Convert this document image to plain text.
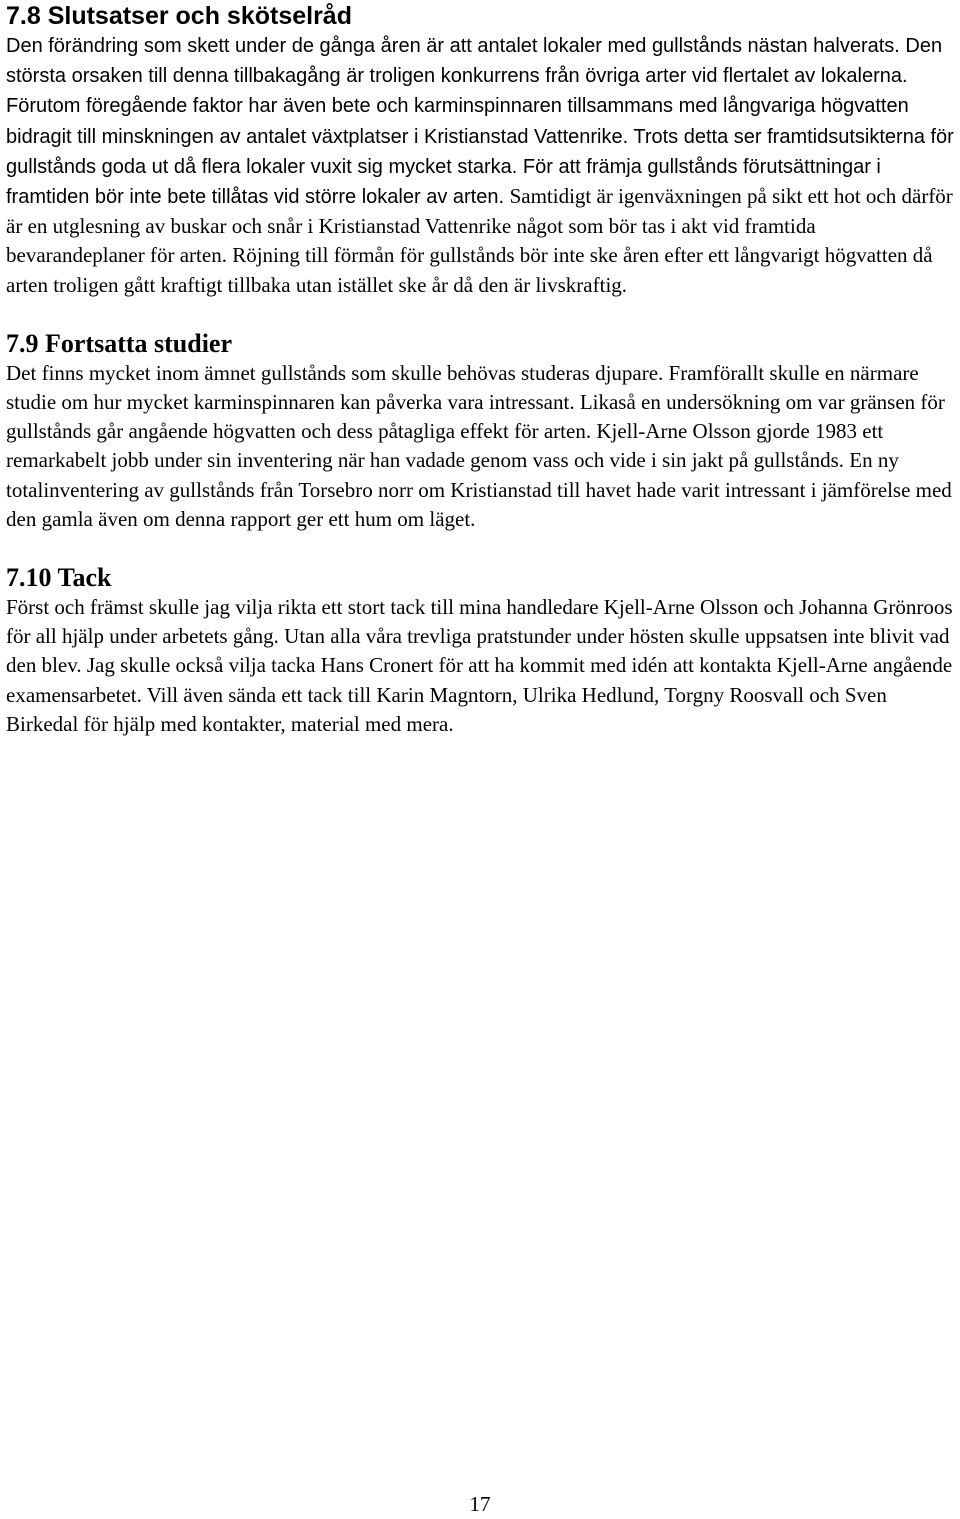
7.8 Slutsatser och skötselråd

Den förändring som skett under de gånga åren är att antalet lokaler med gullstånds nästan halverats. Den största orsaken till denna tillbakagång är troligen konkurrens från övriga arter vid flertalet av lokalerna. Förutom föregående faktor har även bete och karminspinnaren tillsammans med långvariga högvatten bidragit till minskningen av antalet växtplatser i Kristianstad Vattenrike. Trots detta ser framtidsutsikterna för gullstånds goda ut då flera lokaler vuxit sig mycket starka. För att främja gullstånds förutsättningar i framtiden bör inte bete tillåtas vid större lokaler av arten. Samtidigt är igenväxningen på sikt ett hot och därför är en utglesning av buskar och snår i Kristianstad Vattenrike något som bör tas i akt vid framtida bevarandeplaner för arten. Röjning till förmån för gullstånds bör inte ske åren efter ett långvarigt högvatten då arten troligen gått kraftigt tillbaka utan istället ske år då den är livskraftig.

7.9 Fortsatta studier

Det finns mycket inom ämnet gullstånds som skulle behövas studeras djupare. Framförallt skulle en närmare studie om hur mycket karminspinnaren kan påverka vara intressant. Likaså en undersökning om var gränsen för gullstånds går angående högvatten och dess påtagliga effekt för arten. Kjell-Arne Olsson gjorde 1983 ett remarkabelt jobb under sin inventering när han vadade genom vass och vide i sin jakt på gullstånds. En ny totalinventering av gullstånds från Torsebro norr om Kristianstad till havet hade varit intressant i jämförelse med den gamla även om denna rapport ger ett hum om läget.

7.10 Tack

Först och främst skulle jag vilja rikta ett stort tack till mina handledare Kjell-Arne Olsson och Johanna Grönroos för all hjälp under arbetets gång. Utan alla våra trevliga pratstunder under hösten skulle uppsatsen inte blivit vad den blev. Jag skulle också vilja tacka Hans Cronert för att ha kommit med idén att kontakta Kjell-Arne angående examensarbetet. Vill även sända ett tack till Karin Magntorn, Ulrika Hedlund, Torgny Roosvall och Sven Birkedal för hjälp med kontakter, material med mera.

17
